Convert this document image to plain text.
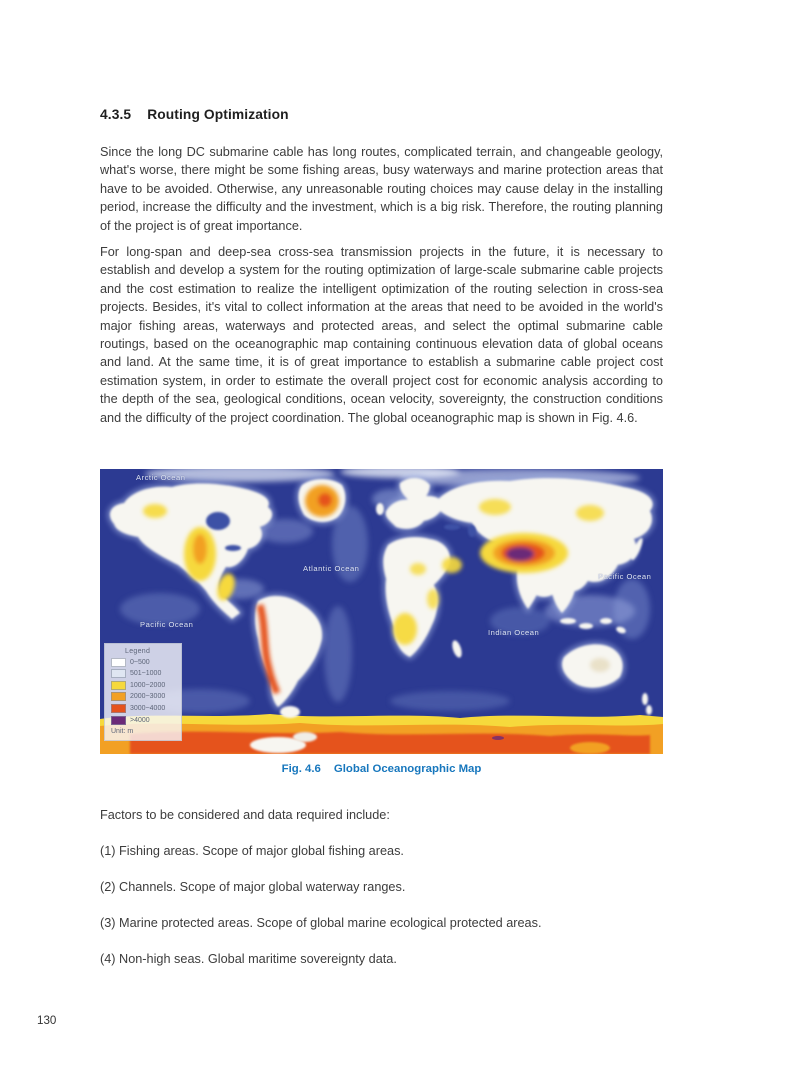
4.3.5 Routing Optimization

Since the long DC submarine cable has long routes, complicated terrain, and changeable geology, what's worse, there might be some fishing areas, busy waterways and marine protection areas that have to be avoided. Otherwise, any unreasonable routing choices may cause delay in the installing period, increase the difficulty and the investment, which is a big risk. Therefore, the routing planning of the project is of great importance.

For long-span and deep-sea cross-sea transmission projects in the future, it is necessary to establish and develop a system for the routing optimization of large-scale submarine cable projects and the cost estimation to realize the intelligent optimization of the routing selection in cross-sea projects. Besides, it's vital to collect information at the areas that need to be avoided in the world's major fishing areas, waterways and protected areas, and select the optimal submarine cable routings, based on the oceanographic map containing continuous elevation data of global oceans and land. At the same time, it is of great importance to establish a submarine cable project cost estimation system, in order to estimate the overall project cost for economic analysis according to the depth of the sea, geological conditions, ocean velocity, sovereignty, the construction conditions and the difficulty of the project coordination. The global oceanographic map is shown in Fig. 4.6.

Arctic Ocean
Atlantic Ocean
Pacific Ocean
Pacific Ocean
Indian Ocean
Legend
0~500
501~1000
1000~2000
2000~3000
3000~4000
>4000
Unit: m
Fig. 4.6 Global Oceanographic Map

Factors to be considered and data required include:

(1) Fishing areas. Scope of major global fishing areas.

(2) Channels. Scope of major global waterway ranges.

(3) Marine protected areas. Scope of global marine ecological protected areas.

(4) Non-high seas. Global maritime sovereignty data.

130
